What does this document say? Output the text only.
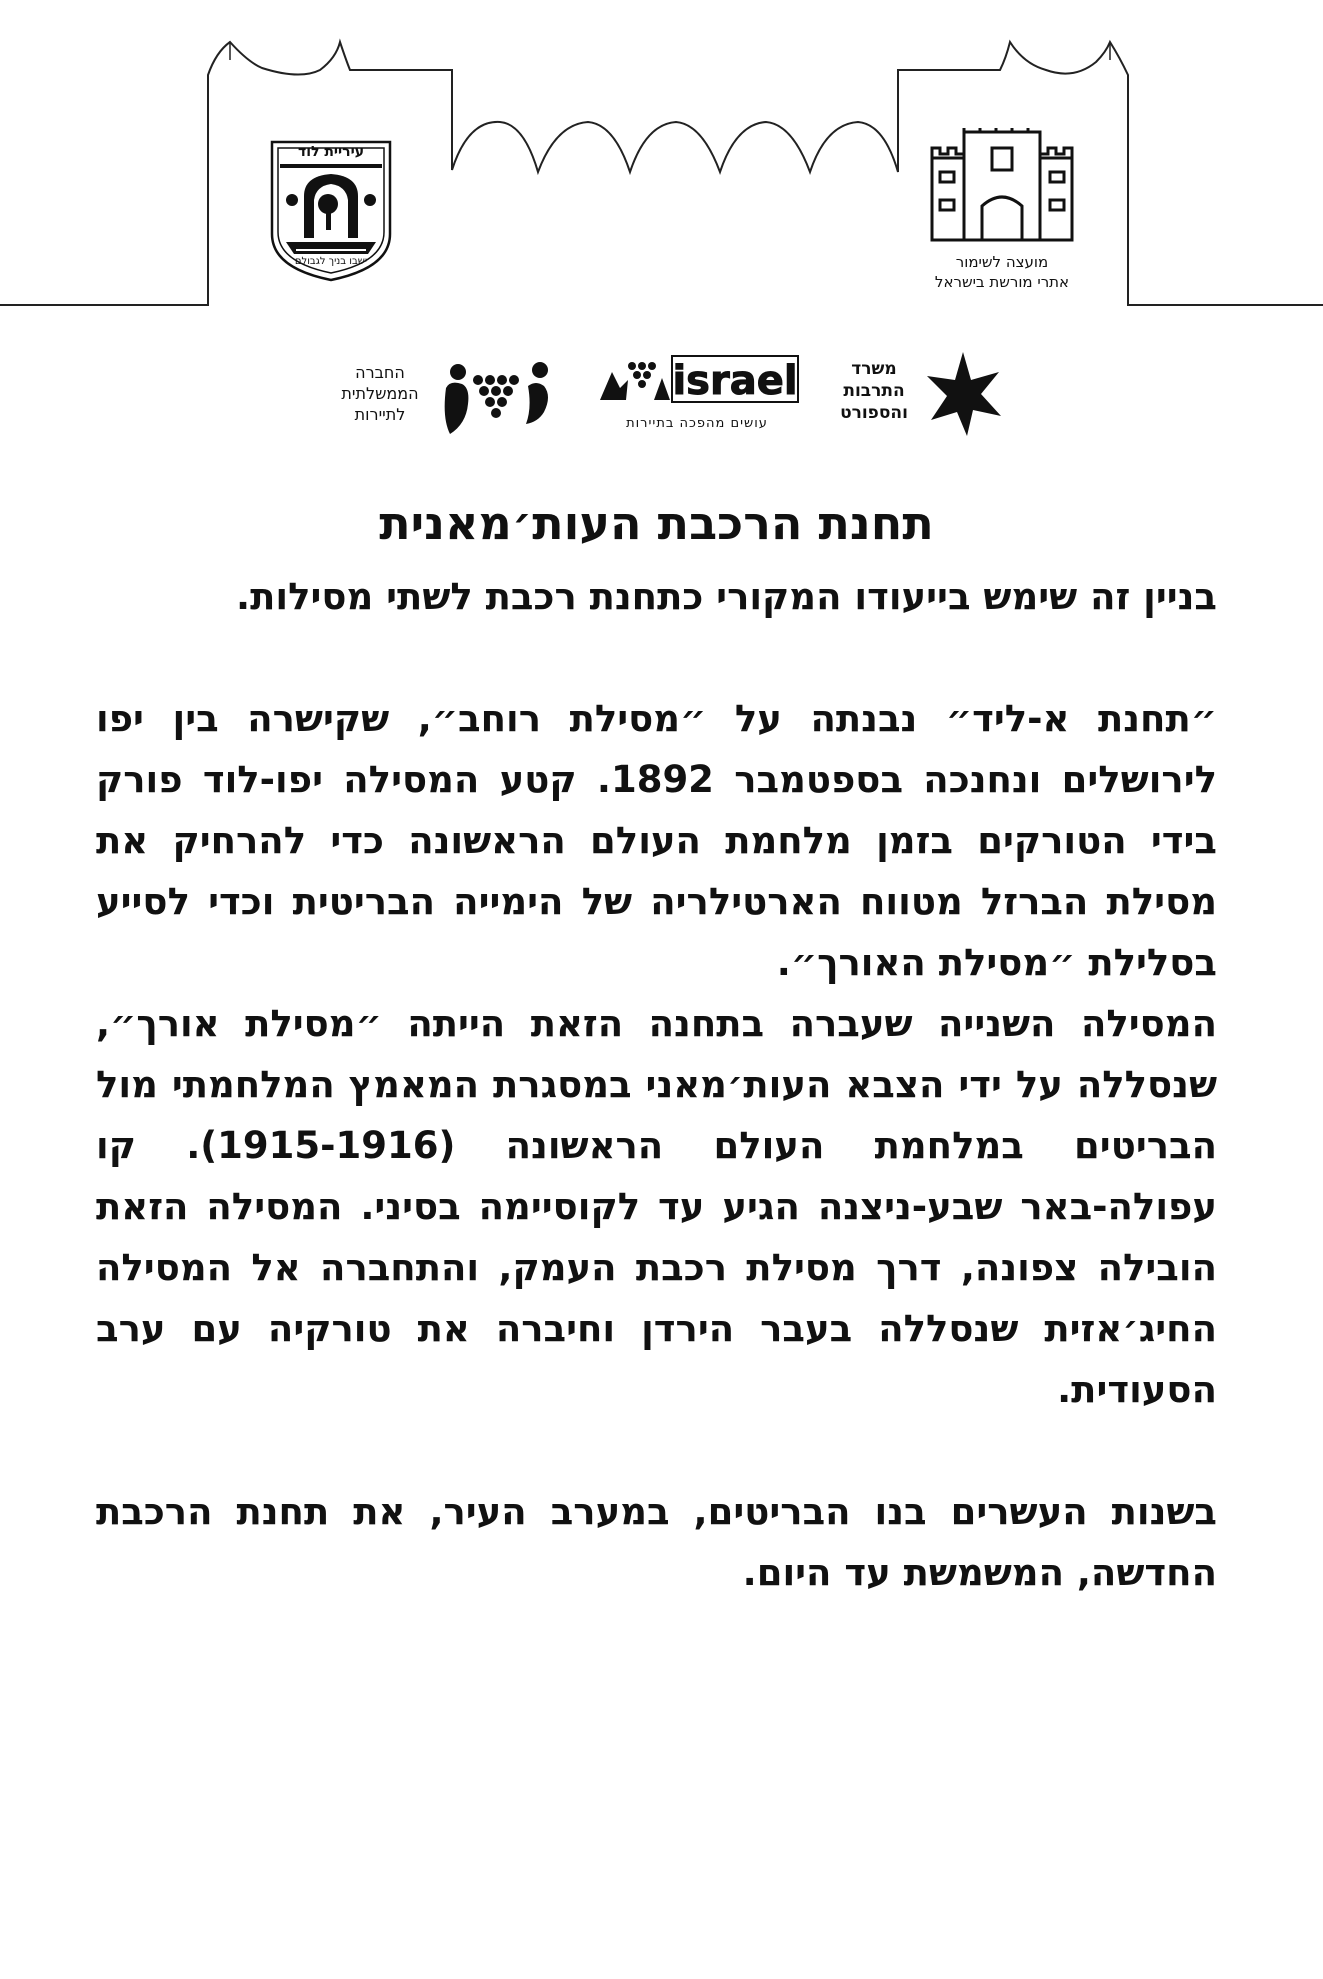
עיריית לוד
ישבו בניך לגבולם	מועצה לשימור
אתרי מורשת בישראל
משרד
התרבות
והספורט
israel
עושים מהפכה בתיירות
החברה
הממשלתית
לתיירות
תחנת הרכבת העות׳מאנית

בניין זה שימש בייעודו המקורי כתחנת רכבת לשתי מסילות.

״תחנת א-ליד״ נבנתה על ״מסילת רוחב״, שקישרה בין יפו לירושלים ונחנכה בספטמבר 1892. קטע המסילה יפו-לוד פורק בידי הטורקים בזמן מלחמת העולם הראשונה כדי להרחיק את מסילת הברזל מטווח הארטילריה של הימייה הבריטית וכדי לסייע בסלילת ״מסילת האורך״.

המסילה השנייה שעברה בתחנה הזאת הייתה ״מסילת אורך״, שנסללה על ידי הצבא העות׳מאני במסגרת המאמץ המלחמתי מול הבריטים במלחמת העולם הראשונה (1915-1916). קו עפולה-באר שבע-ניצנה הגיע עד לקוסיימה בסיני. המסילה הזאת הובילה צפונה, דרך מסילת רכבת העמק, והתחברה אל המסילה החיג׳אזית שנסללה בעבר הירדן וחיברה את טורקיה עם ערב הסעודית.

בשנות העשרים בנו הבריטים, במערב העיר, את תחנת הרכבת החדשה, המשמשת עד היום.
